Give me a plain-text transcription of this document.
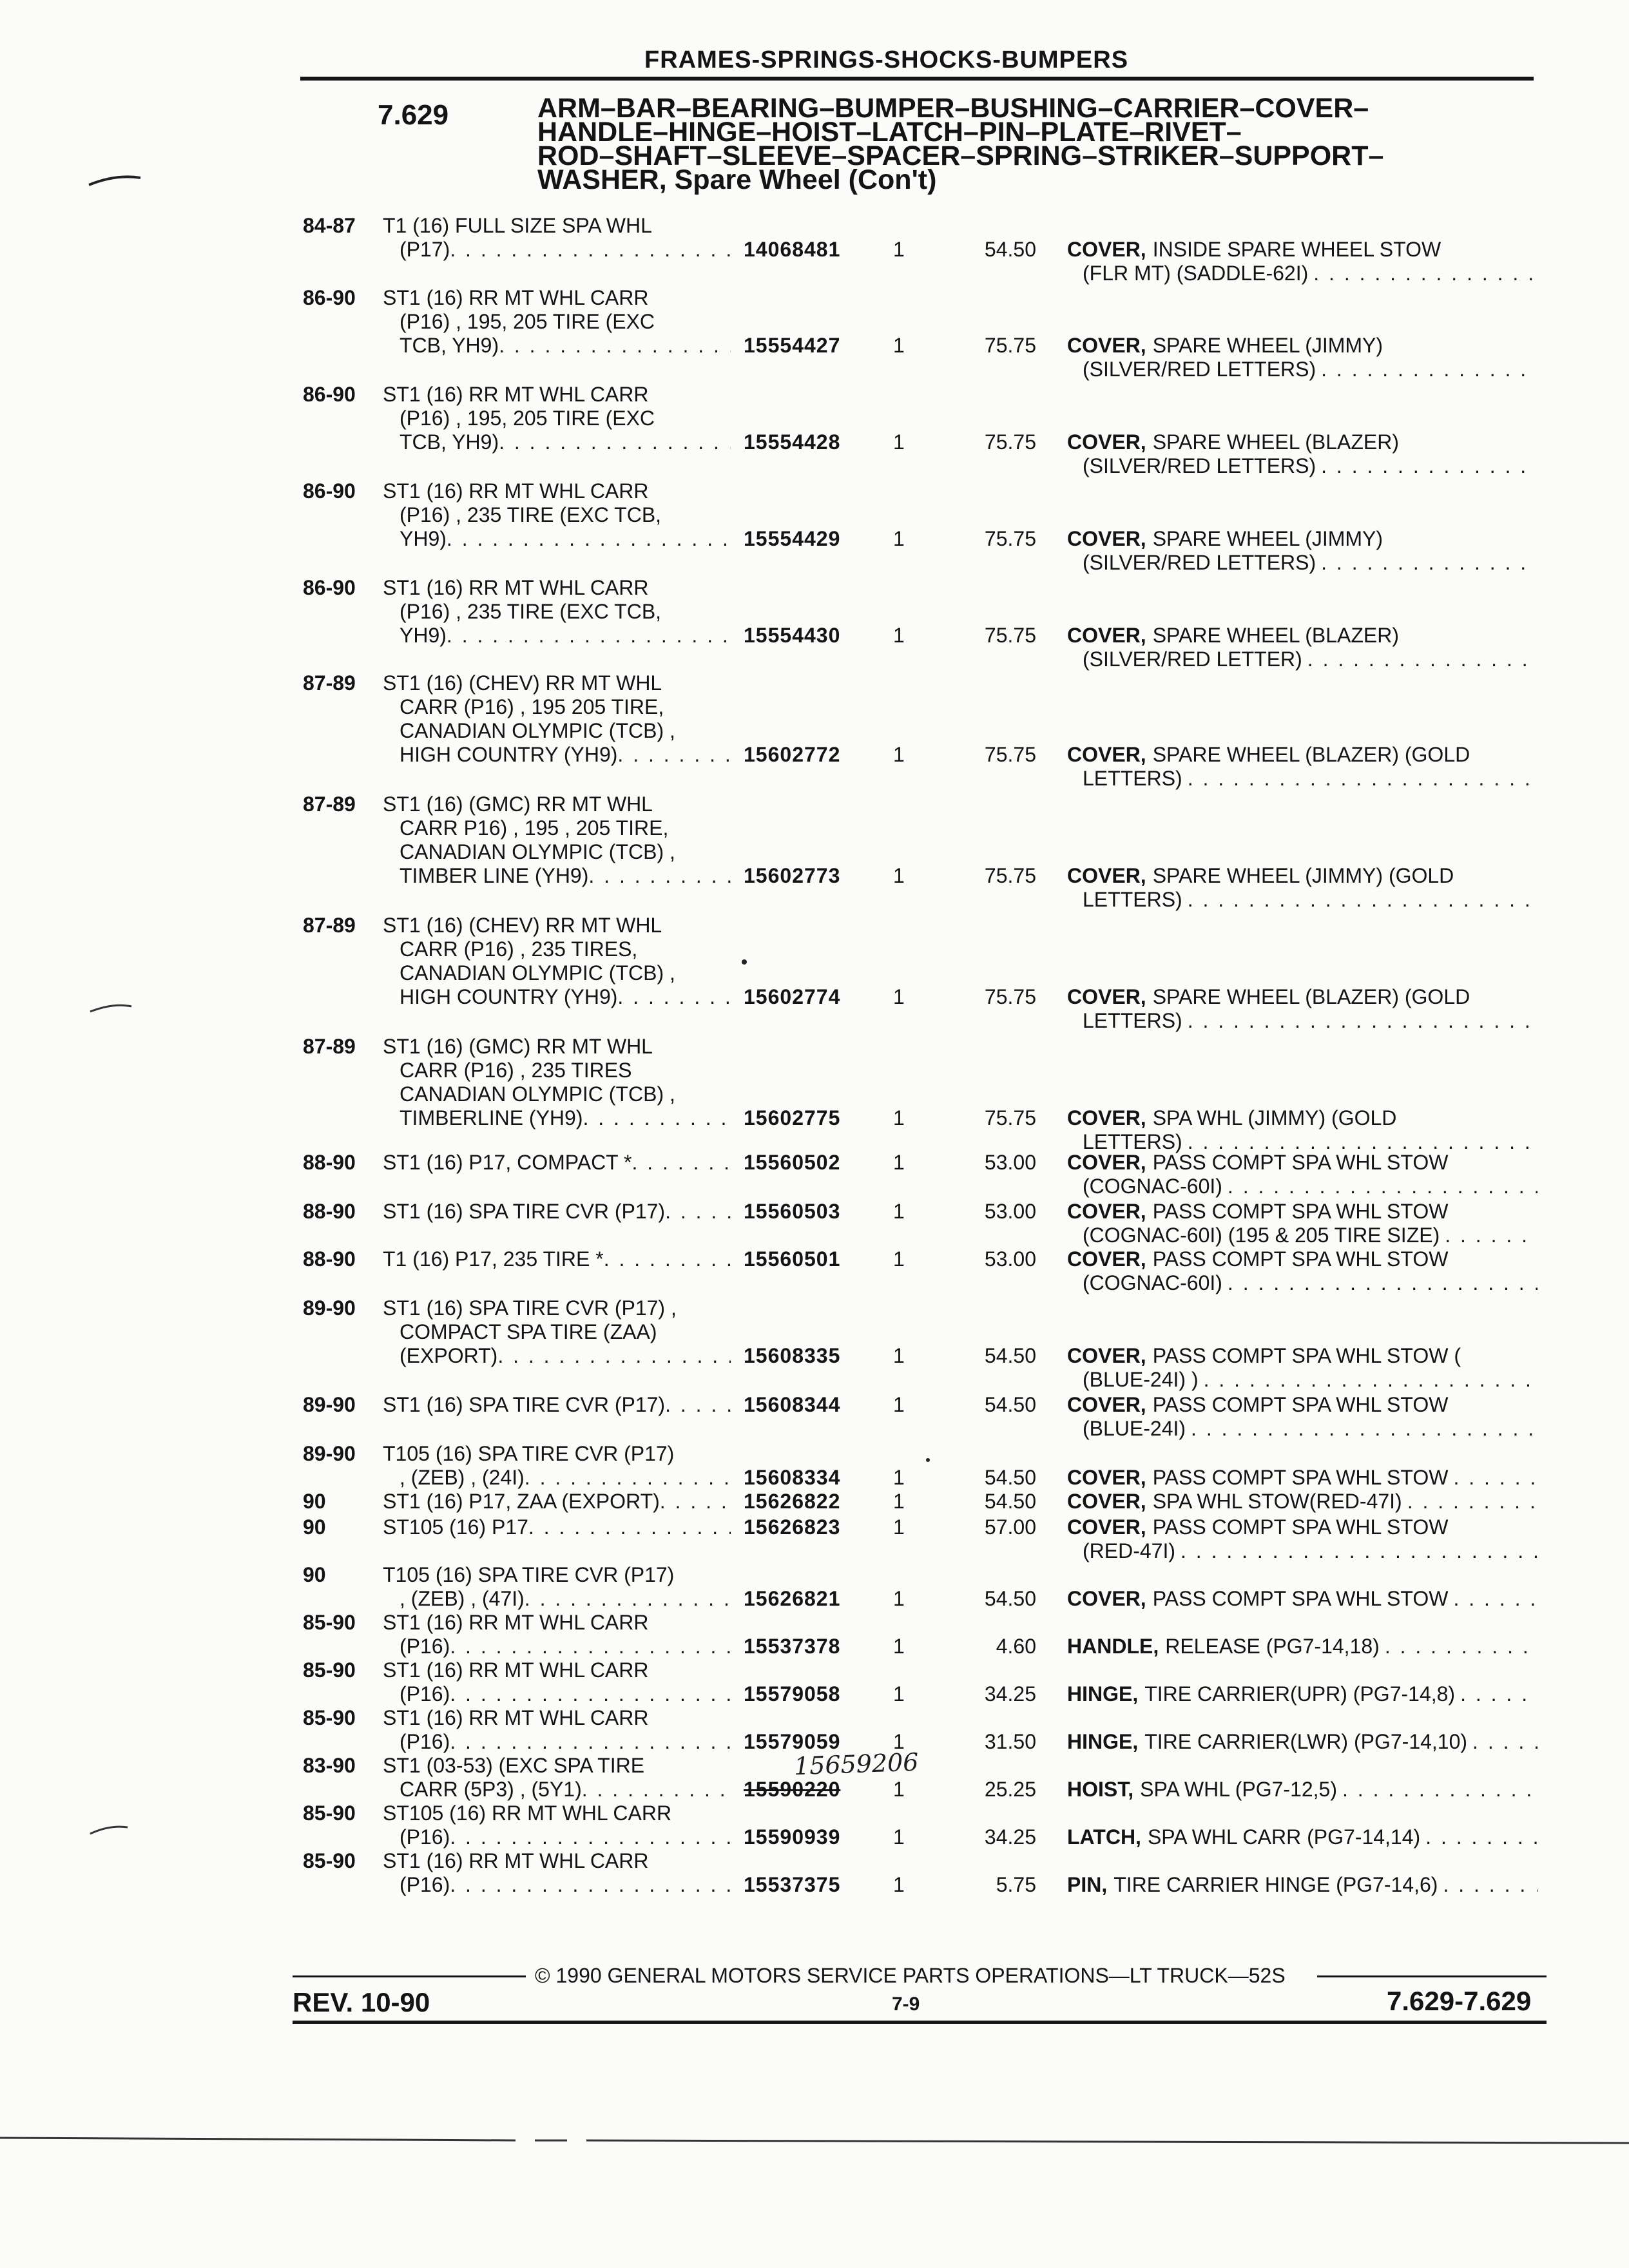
FRAMES-SPRINGS-SHOCKS-BUMPERS
7.629	ARM–BAR–BEARING–BUMPER–BUSHING–CARRIER–COVER–
HANDLE–HINGE–HOIST–LATCH–PIN–PLATE–RIVET–
ROD–SHAFT–SLEEVE–SPACER–SPRING–STRIKER–SUPPORT–
WASHER, Spare Wheel (Con't)
84-87 T1 (16) FULL SIZE SPA WHL
(P17) . . .	14068481	1	54.50 COVER, INSIDE SPARE WHEEL STOW
(FLR MT) (SADDLE-62I)
. . .
86-90 ST1 (16) RR MT WHL CARR
(P16) , 195, 205 TIRE (EXC
TCB, YH9) . . .	15554427	1	75.75 COVER, SPARE WHEEL (JIMMY)
(SILVER/RED LETTERS)
. . .
86-90 ST1 (16) RR MT WHL CARR
(P16) , 195, 205 TIRE (EXC
TCB, YH9) . . .	15554428	1	75.75 COVER, SPARE WHEEL (BLAZER)
(SILVER/RED LETTERS)
. . .
86-90 ST1 (16) RR MT WHL CARR
(P16) , 235 TIRE (EXC TCB,
YH9) . . .	15554429	1	75.75 COVER, SPARE WHEEL (JIMMY)
(SILVER/RED LETTERS)
. . .
86-90 ST1 (16) RR MT WHL CARR
(P16) , 235 TIRE (EXC TCB,
YH9) . . .	15554430	1	75.75 COVER, SPARE WHEEL (BLAZER)
(SILVER/RED LETTER)
. . .
87-89 ST1 (16) (CHEV) RR MT WHL
CARR (P16) , 195 205 TIRE,
CANADIAN OLYMPIC (TCB) ,
HIGH COUNTRY (YH9) . . .	15602772	1	75.75 COVER, SPARE WHEEL (BLAZER) (GOLD
LETTERS)
. . .
87-89 ST1 (16) (GMC) RR MT WHL
CARR P16) , 195 , 205 TIRE,
CANADIAN OLYMPIC (TCB) ,
TIMBER LINE (YH9) . . .	15602773	1	75.75 COVER, SPARE WHEEL (JIMMY) (GOLD
LETTERS)
. . .
87-89 ST1 (16) (CHEV) RR MT WHL
CARR (P16) , 235 TIRES,
CANADIAN OLYMPIC (TCB) ,
HIGH COUNTRY (YH9) . . .	15602774	1	75.75 COVER, SPARE WHEEL (BLAZER) (GOLD
LETTERS)
. . .
87-89 ST1 (16) (GMC) RR MT WHL
CARR (P16) , 235 TIRES
CANADIAN OLYMPIC (TCB) ,
TIMBERLINE (YH9) . . .	15602775	1	75.75 COVER, SPA WHL (JIMMY) (GOLD
LETTERS)
. . .
88-90 ST1 (16) P17, COMPACT * . . .	15560502	1	53.00 COVER, PASS COMPT SPA WHL STOW
(COGNAC-60I)
. . .
88-90 ST1 (16) SPA TIRE CVR (P17) . . .	15560503	1	53.00 COVER, PASS COMPT SPA WHL STOW
(COGNAC-60I) (195 & 205 TIRE SIZE)
. . .
88-90 T1 (16) P17, 235 TIRE * . . .	15560501	1	53.00 COVER, PASS COMPT SPA WHL STOW
(COGNAC-60I)
. . .
89-90 ST1 (16) SPA TIRE CVR (P17) ,
COMPACT SPA TIRE (ZAA)
(EXPORT) . . .	15608335	1	54.50 COVER, PASS COMPT SPA WHL STOW (
(BLUE-24I) )
. . .
89-90 ST1 (16) SPA TIRE CVR (P17) . . .	15608344	1	54.50 COVER, PASS COMPT SPA WHL STOW
(BLUE-24I)
. . .
89-90 T105 (16) SPA TIRE CVR (P17)
, (ZEB) , (24I) . . .	15608334	1	54.50 COVER, PASS COMPT SPA WHL STOW
. . .
90	ST1 (16) P17, ZAA (EXPORT) . . .	15626822	1	54.50 COVER, SPA WHL STOW(RED-47I)
. . .
90	ST105 (16) P17 . . .	15626823	1	57.00 COVER, PASS COMPT SPA WHL STOW
(RED-47I)
. . .
90	T105 (16) SPA TIRE CVR (P17)
, (ZEB) , (47I) . . .	15626821	1	54.50 COVER, PASS COMPT SPA WHL STOW
. . .
85-90 ST1 (16) RR MT WHL CARR
(P16) . . .	15537378	1	4.60 HANDLE, RELEASE (PG7-14,18)
. . .
85-90 ST1 (16) RR MT WHL CARR
(P16) . . .	15579058	1	34.25 HINGE, TIRE CARRIER(UPR) (PG7-14,8)
. . .
85-90 ST1 (16) RR MT WHL CARR
(P16) . . .	15579059	1	31.50 HINGE, TIRE CARRIER(LWR) (PG7-14,10)
. . .
83-90 ST1 (03-53) (EXC SPA TIRE
CARR (5P3) , (5Y1) . . .	15590220	1	25.25 HOIST, SPA WHL (PG7-12,5)
. . .
85-90 ST105 (16) RR MT WHL CARR
(P16) . . .	15590939	1	34.25 LATCH, SPA WHL CARR (PG7-14,14)
. . .
85-90 ST1 (16) RR MT WHL CARR
(P16) . . .	15537375	1	5.75 PIN, TIRE CARRIER HINGE (PG7-14,6)
. . .
15659206
© 1990 GENERAL MOTORS SERVICE PARTS OPERATIONS—LT TRUCK—52S
REV. 10-90	7-9	7.629-7.629
